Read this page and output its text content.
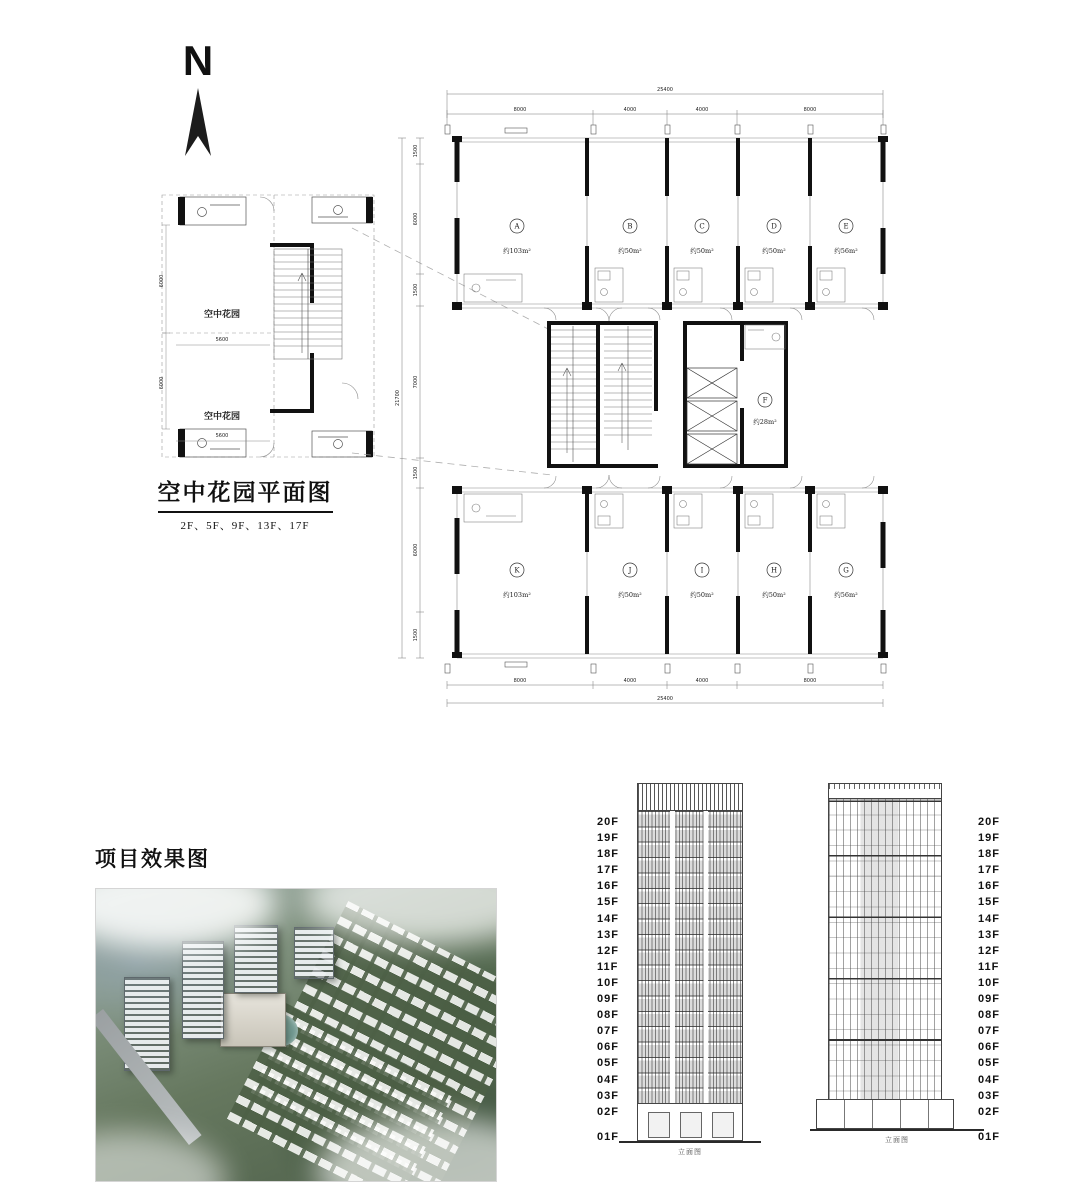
N
6000
6000
空中花园
5600
空中花园
5600
空中花园平面图
2F、5F、9F、13F、17F
25400
8000	4000	4000	8000
A	B	C	D	E
约103m²	约50m²	约50m²	约50m²	约56m²
F
约28m²
K	J	I	H	G
约103m²	约50m²	约50m²	约50m²	约56m²
8000	4000	4000	8000
25400
1500
6000
1500
7000
1500
6000
1500
21700
项目效果图
20F
19F
18F
17F
16F
15F
14F
13F
12F
11F
10F
09F
08F
07F
06F
05F
04F
03F
02F
01F
立面图
立面图
20F
19F
18F
17F
16F
15F
14F
13F
12F
11F
10F
09F
08F
07F
06F
05F
04F
03F
02F
01F
